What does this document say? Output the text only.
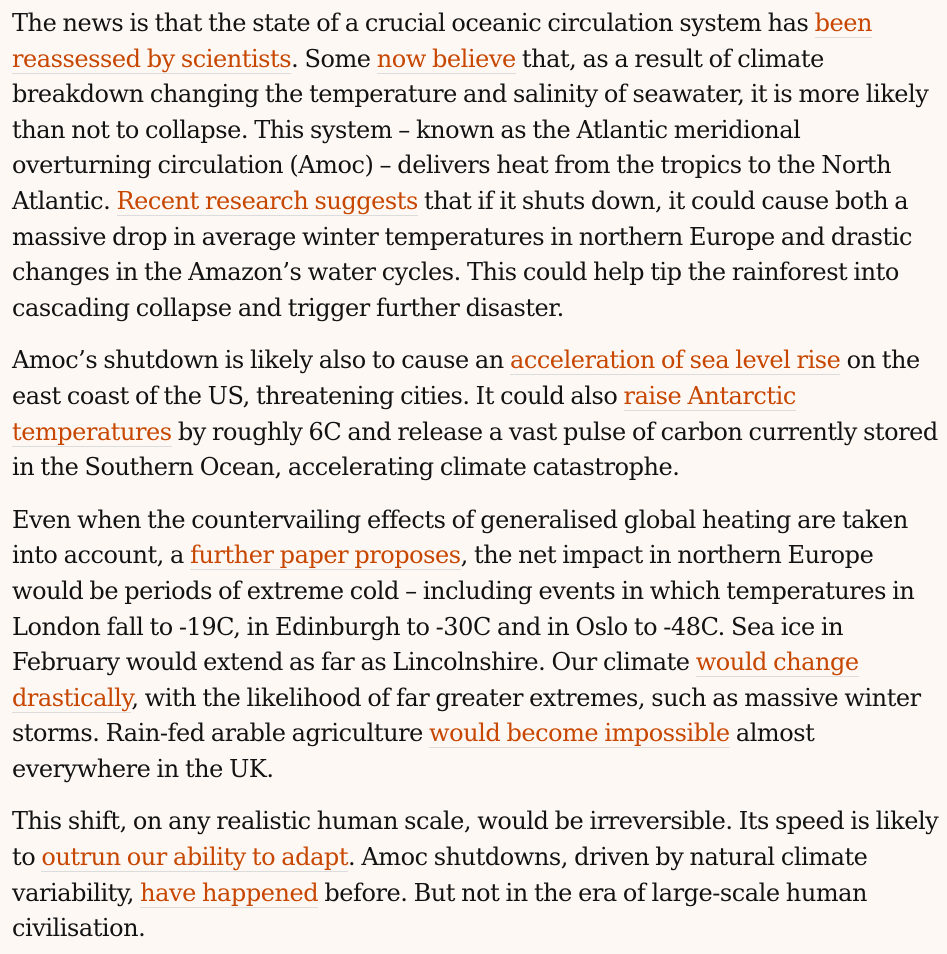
The news is that the state of a crucial oceanic circulation system has been reassessed by scientists. Some now believe that, as a result of climate breakdown changing the temperature and salinity of seawater, it is more likely than not to collapse. This system – known as the Atlantic meridional overturning circulation (Amoc) – delivers heat from the tropics to the North Atlantic. Recent research suggests that if it shuts down, it could cause both a massive drop in average winter temperatures in northern Europe and drastic changes in the Amazon’s water cycles. This could help tip the rainforest into cascading collapse and trigger further disaster.

Amoc’s shutdown is likely also to cause an acceleration of sea level rise on the east coast of the US, threatening cities. It could also raise Antarctic temperatures by roughly 6C and release a vast pulse of carbon currently stored in the Southern Ocean, accelerating climate catastrophe.

Even when the countervailing effects of generalised global heating are taken into account, a further paper proposes, the net impact in northern Europe would be periods of extreme cold – including events in which temperatures in London fall to -19C, in Edinburgh to -30C and in Oslo to -48C. Sea ice in February would extend as far as Lincolnshire. Our climate would change drastically, with the likelihood of far greater extremes, such as massive winter storms. Rain-fed arable agriculture would become impossible almost everywhere in the UK.

This shift, on any realistic human scale, would be irreversible. Its speed is likely to outrun our ability to adapt. Amoc shutdowns, driven by natural climate variability, have happened before. But not in the era of large-scale human civilisation.
